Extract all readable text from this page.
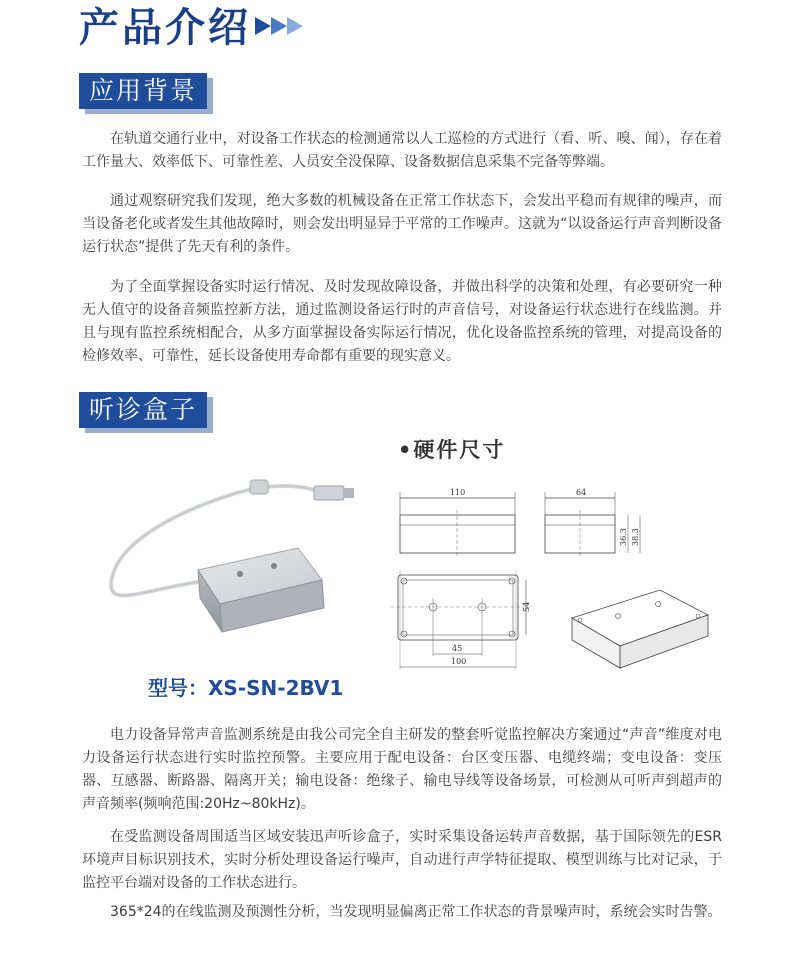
产品介绍
应用背景

在轨道交通行业中，对设备工作状态的检测通常以人工巡检的方式进行（看、听、嗅、闻），存在着工作量大、效率低下、可靠性差、人员安全没保障、设备数据信息采集不完备等弊端。

通过观察研究我们发现，绝大多数的机械设备在正常工作状态下，会发出平稳而有规律的噪声，而当设备老化或者发生其他故障时，则会发出明显异于平常的工作噪声。这就为“以设备运行声音判断设备运行状态”提供了先天有利的条件。

为了全面掌握设备实时运行情况、及时发现故障设备，并做出科学的决策和处理，有必要研究一种无人值守的设备音频监控新方法，通过监测设备运行时的声音信号，对设备运行状态进行在线监测。并且与现有监控系统相配合，从多方面掌握设备实际运行情况，优化设备监控系统的管理，对提高设备的检修效率、可靠性，延长设备使用寿命都有重要的现实意义。

听诊盒子
•硬件尺寸
型号：XS-SN-2BV1
110	64
36.3 38.3
45
100
54

电力设备异常声音监测系统是由我公司完全自主研发的整套听觉监控解决方案通过“声音”维度对电力设备运行状态进行实时监控预警。主要应用于配电设备：台区变压器、电缆终端；变电设备：变压器、互感器、断路器、隔离开关；输电设备：绝缘子、输电导线等设备场景，可检测从可听声到超声的声音频率(频响范围:20Hz~80kHz)。

在受监测设备周围适当区域安装迅声听诊盒子，实时采集设备运转声音数据，基于国际领先的ESR环境声目标识别技术，实时分析处理设备运行噪声，自动进行声学特征提取、模型训练与比对记录，于监控平台端对设备的工作状态进行。

365*24的在线监测及预测性分析，当发现明显偏离正常工作状态的背景噪声时，系统会实时告警。
